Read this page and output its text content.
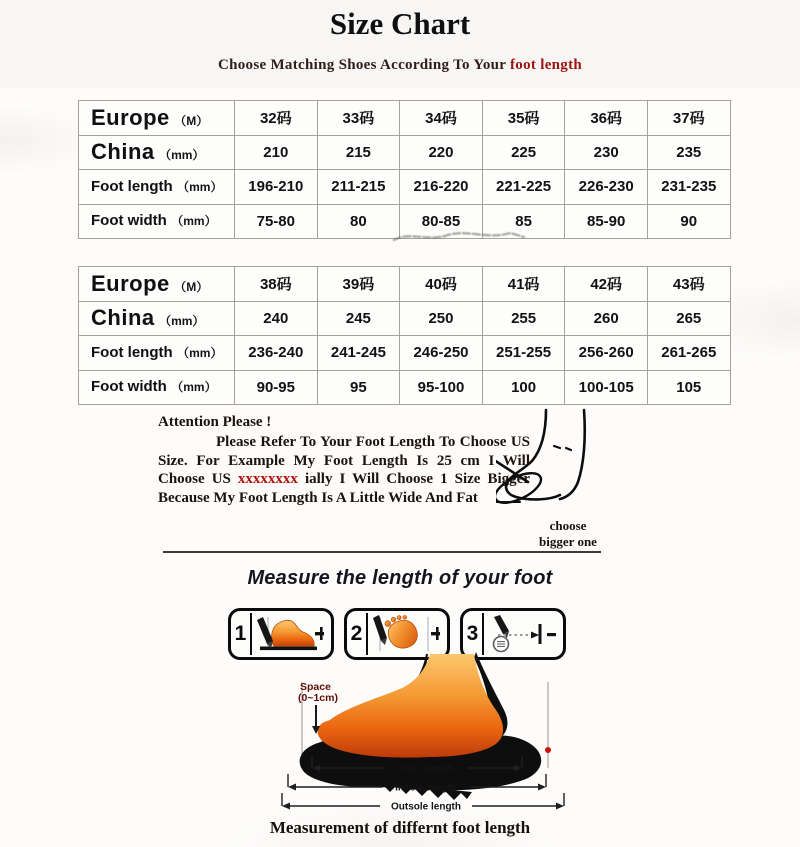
Size Chart
Choose Matching Shoes According To Your foot length
Europe （M）	32码	33码	34码	35码	36码	37码
China （mm）	210	215	220	225	230	235
Foot length （mm）	196-210	211-215	216-220	221-225	226-230	231-235
Foot width （mm）	75-80	80	80-85	85	85-90	90
Europe （M）	38码	39码	40码	41码	42码	43码
China （mm）	240	245	250	255	260	265
Foot length （mm）	236-240	241-245	246-250	251-255	256-260	261-265
Foot width （mm）	90-95	95	95-100	100	100-105	105
Attention Please !

Please Refer To Your Foot Length To Choose US Size. For Example My Foot Length Is 25 cm I Will Choose US xxxxxxxx ially I Will Choose 1 Size Bigger Because My Foot Length Is A Little Wide And Fat

choose
bigger one
Measure the length of your foot
1	2	3
Space
(0~1cm)
Foot length
Insole length
Outsole length
Measurement of differnt foot length
